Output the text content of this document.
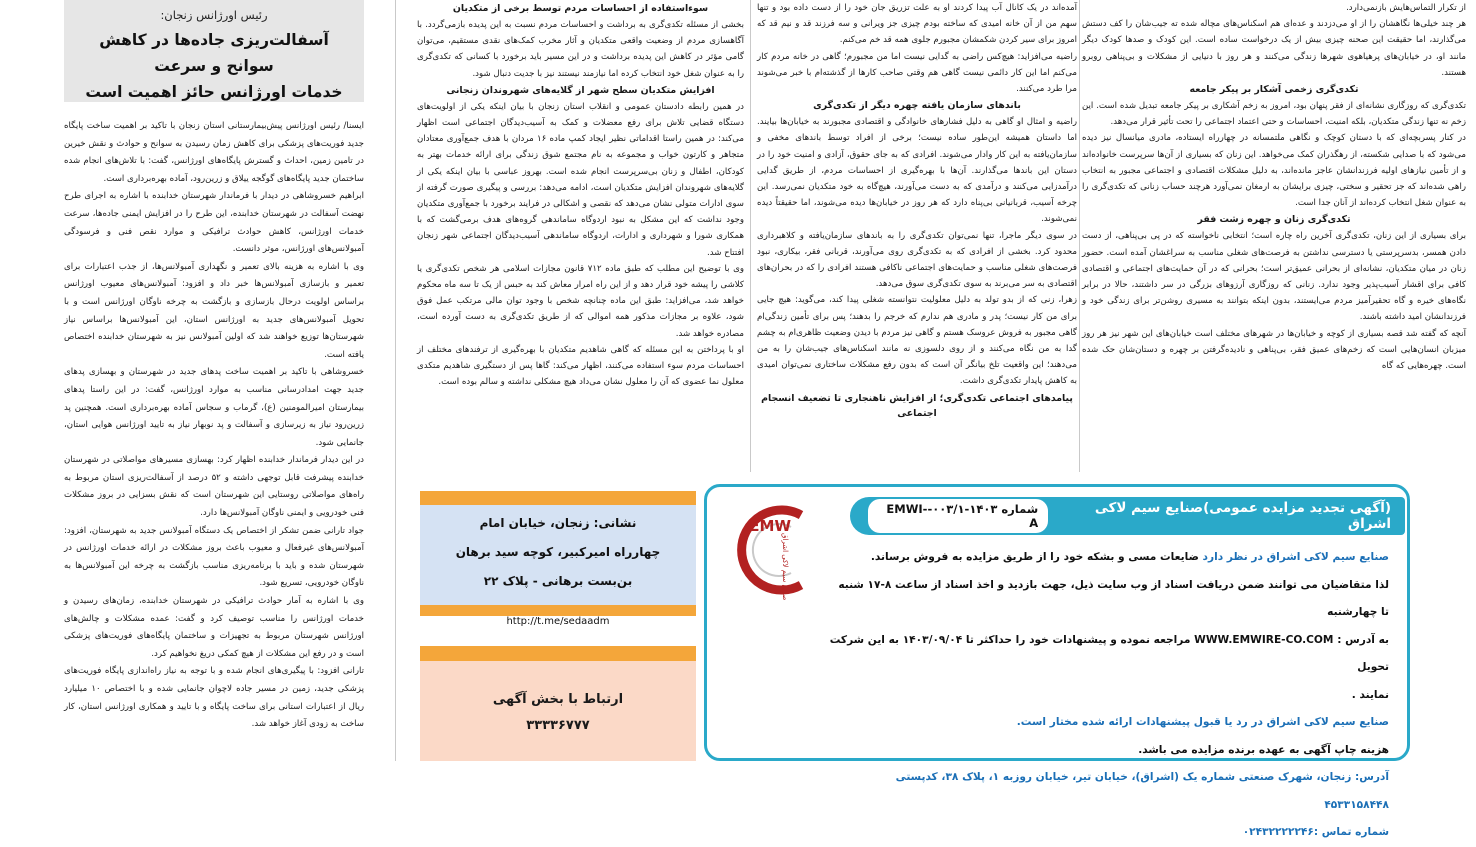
از تکرار التماس‌هایش بازنمی‌دارد.

هر چند خیلی‌ها نگاهشان را از او می‌دزدند و عده‌ای هم اسکناس‌های مچاله شده ته جیب‌شان را کف دستش می‌گذارند، اما حقیقت این صحنه چیزی بیش از یک درخواست ساده است. این کودک و صدها کودک دیگر مانند او، در خیابان‌های پرهیاهوی شهرها زندگی می‌کنند و هر روز با دنیایی از مشکلات و بی‌پناهی روبرو هستند.

تکدی‌گری زخمی آشکار بر پیکر جامعه

تکدی‌گری که روزگاری نشانه‌ای از فقر پنهان بود، امروز به زخم آشکاری بر پیکر جامعه تبدیل شده است. این زخم نه تنها زندگی متکدیان، بلکه امنیت، احساسات و حتی اعتماد اجتماعی را تحت تأثیر قرار می‌دهد.

در کنار پسربچه‌ای که با دستان کوچک و نگاهی ملتمسانه در چهارراه ایستاده، مادری میانسال نیز دیده می‌شود که با صدایی شکسته، از رهگذران کمک می‌خواهد. این زنان که بسیاری از آن‌ها سرپرست خانواده‌اند و از تأمین نیازهای اولیه فرزندانشان عاجز مانده‌اند، به دلیل مشکلات اقتصادی و اجتماعی مجبور به انتخاب راهی شده‌اند که جز تحقیر و سختی، چیزی برایشان به ارمغان نمی‌آورد هرچند حساب زنانی که تکدی‌گری را به عنوان شغل انتخاب کرده‌اند از آنان جدا است.

تکدی‌گری زنان و چهره زشت فقر

برای بسیاری از این زنان، تکدی‌گری آخرین راه چاره است؛ انتخابی ناخواسته که در پی بی‌پناهی، از دست دادن همسر، بدسرپرستی یا دسترسی نداشتن به فرصت‌های شغلی مناسب به سراغشان آمده است. حضور زنان در میان متکدیان، نشانه‌ای از بحرانی عمیق‌تر است؛ بحرانی که در آن حمایت‌های اجتماعی و اقتصادی کافی برای اقشار آسیب‌پذیر وجود ندارد. زنانی که روزگاری آرزوهای بزرگی در سر داشتند، حالا در برابر نگاه‌های خیره و گاه تحقیرآمیز مردم می‌ایستند، بدون اینکه بتوانند به مسیری روشن‌تر برای زندگی خود و فرزندانشان امید داشته باشند.

آنچه که گفته شد قصه بسیاری از کوچه و خیابان‌ها در شهرهای مختلف است خیابان‌های این شهر نیز هر روز میزبان انسان‌هایی است که زخم‌های عمیق فقر، بی‌پناهی و نادیده‌گرفتن بر چهره و دستان‌شان حک شده است. چهره‌هایی که گاه

آمده‌اند در یک کانال آب پیدا کردند او به علت تزریق جان خود را از دست داده بود و تنها سهم من از آن خانه امیدی که ساخته بودم چیزی جز ویرانی و سه فرزند قد و نیم قد که امروز برای سیر کردن شکمشان مجبورم جلوی همه قد خم می‌کنم.

راضیه می‌افزاید: هیچ‌کس راضی به گدایی نیست اما من مجبورم؛ گاهی در خانه مردم کار می‌کنم اما این کار دائمی نیست گاهی هم وقتی صاحب کارها از گذشته‌ام با خبر می‌شوند مرا طرد می‌کنند.

باندهای سازمان یافته چهره دیگر از تکدی‌گری

راضیه و امثال او گاهی به دلیل فشارهای خانوادگی و اقتصادی مجبورند به خیابان‌ها بیایند. اما داستان همیشه این‌طور ساده نیست؛ برخی از افراد توسط باندهای مخفی و سازمان‌یافته به این کار وادار می‌شوند. افرادی که به جای حقوق، آزادی و امنیت خود را در دستان این باندها می‌گذارند. آن‌ها با بهره‌گیری از احساسات مردم، از طریق گدایی درآمدزایی می‌کنند و درآمدی که به دست می‌آورند، هیچ‌گاه به خود متکدیان نمی‌رسد. این چرخه آسیب، قربانیانی بی‌پناه دارد که هر روز در خیابان‌ها دیده می‌شوند، اما حقیقتاً دیده نمی‌شوند.

در سوی دیگر ماجرا، تنها نمی‌توان تکدی‌گری را به باندهای سازمان‌یافته و کلاهبرداری محدود کرد. بخشی از افرادی که به تکدی‌گری روی می‌آورند، قربانی فقر، بیکاری، نبود فرصت‌های شغلی مناسب و حمایت‌های اجتماعی ناکافی هستند افرادی را که در بحران‌های اقتصادی به سر می‌برند به سوی تکدی‌گری سوق می‌دهد.

زهرا، زنی که از بدو تولد به دلیل معلولیت نتوانسته شغلی پیدا کند، می‌گوید: هیچ جایی برای من کار نیست؛ پدر و مادری هم ندارم که خرجم را بدهند؛ پس برای تأمین زندگی‌ام گاهی مجبور به فروش عروسک هستم و گاهی نیز مردم با دیدن وضعیت ظاهری‌ام به چشم گدا به من نگاه می‌کنند و از روی دلسوزی نه مانند اسکناس‌های جیب‌شان را به من می‌دهند؛ این واقعیت تلخ بیانگر آن است که بدون رفع مشکلات ساختاری نمی‌توان امیدی به کاهش پایدار تکدی‌گری داشت.

پیامدهای اجتماعی تکدی‌گری؛ از افزایش ناهنجاری تا تضعیف انسجام اجتماعی
سوءاستفاده از احساسات مردم توسط برخی از متکدیان

بخشی از مسئله تکدی‌گری به برداشت و احساسات مردم نسبت به این پدیده بازمی‌گردد. با آگاهسازی مردم از وضعیت واقعی متکدیان و آثار مخرب کمک‌های نقدی مستقیم، می‌توان گامی مؤثر در کاهش این پدیده برداشت و در این مسیر باید برخورد با کسانی که تکدی‌گری را به عنوان شغل خود انتخاب کرده اما نیازمند نیستند نیز با جدیت دنبال شود.

افزایش متکدیان سطح شهر از گلایه‌های شهروندان زنجانی

در همین رابطه دادستان عمومی و انقلاب استان زنجان با بیان اینکه یکی از اولویت‌های دستگاه قضایی تلاش برای رفع معضلات و کمک به آسیب‌دیدگان اجتماعی است اظهار می‌کند: در همین راستا اقداماتی نظیر ایجاد کمپ ماده ۱۶ مردان با هدف جمع‌آوری معتادان متجاهر و کارتون خواب و مجموعه به نام مجتمع شوق زندگی برای ارائه خدمات بهتر به کودکان، اطفال و زنان بی‌سرپرست انجام شده است. بهروز عباسی با بیان اینکه یکی از گلایه‌های شهروندان افزایش متکدیان است، ادامه می‌دهد: بررسی و پیگیری صورت گرفته از سوی ادارات متولی نشان می‌دهد که نقصی و اشکالی در فرایند برخورد با جمع‌آوری متکدیان وجود نداشت که این مشکل به نبود اردوگاه ساماندهی گروه‌های هدف برمی‌گشت که با همکاری شورا و شهرداری و ادارات، اردوگاه ساماندهی آسیب‌دیدگان اجتماعی شهر زنجان افتتاح شد.

وی با توضیح این مطلب که طبق ماده ۷۱۲ قانون مجازات اسلامی هر شخص تکدی‌گری یا کلاشی را پیشه خود قرار دهد و از این راه امرار معاش کند به حبس از یک تا سه ماه محکوم خواهد شد، می‌افزاید: طبق این ماده چنانچه شخص با وجود توان مالی مرتکب عمل فوق شود، علاوه بر مجازات مذکور همه اموالی که از طریق تکدی‌گری به دست آورده است، مصادره خواهد شد.

او با پرداختن به این مسئله که گاهی شاهدیم متکدیان با بهره‌گیری از ترفندهای مختلف از احساسات مردم سوء استفاده می‌کنند، اظهار می‌کند: گاها پس از دستگیری شاهدیم متکدی معلول نما عضوی که آن را معلول نشان می‌داد هیچ مشکلی نداشته و سالم بوده است.

رئیس اورژانس زنجان:
آسفالت‌ریزی جاده‌ها در کاهش سوانح و سرعت
خدمات اورژانس حائز اهمیت است

ایسنا/ رئیس اورژانس پیش‌بیمارستانی استان زنجان با تاکید بر اهمیت ساخت پایگاه جدید فوریت‌های پزشکی برای کاهش زمان رسیدن به سوانح و حوادث و نقش خیرین در تامین زمین، احداث و گسترش پایگاه‌های اورژانس، گفت: با تلاش‌های انجام شده ساختمان جدید پایگاه‌های گوگجه ییلاق و زرین‌رود، آماده بهره‌برداری است.

ابراهیم خسروشاهی در دیدار با فرماندار شهرستان خدابنده با اشاره به اجرای طرح نهضت آسفالت در شهرستان خدابنده، این طرح را در افزایش ایمنی جاده‌ها، سرعت خدمات اورژانس، کاهش حوادث ترافیکی و موارد نقص فنی و فرسودگی آمبولانس‌های اورژانس، موثر دانست.

وی با اشاره به هزینه بالای تعمیر و نگهداری آمبولانس‌ها، از جذب اعتبارات برای تعمیر و بازسازی آمبولانس‌ها خبر داد و افزود: آمبولانس‌های معیوب اورژانس براساس اولویت درحال بازسازی و بازگشت به چرخه ناوگان اورژانس است و با تحویل آمبولانس‌های جدید به اورژانس استان، این آمبولانس‌ها براساس نیاز شهرستان‌ها توزیع خواهند شد که اولین آمبولانس نیز به شهرستان خدابنده اختصاص یافته است.

خسروشاهی با تاکید بر اهمیت ساخت پدهای جدید در شهرستان و بهسازی پدهای جدید جهت امدادرسانی مناسب به موارد اورژانس، گفت: در این راستا پدهای بیمارستان امیرالمومنین (ع)، گرماب و سجاس آماده بهره‌برداری است. همچنین پد زرین‌رود نیاز به زیرسازی و آسفالت و پد نوبهار نیاز به تایید اورژانس هوایی استان، جانمایی شود.

در این دیدار فرماندار خدابنده اظهار کرد: بهسازی مسیرهای مواصلاتی در شهرستان خدابنده پیشرفت قابل توجهی داشته و ۵۲ درصد از آسفالت‌ریزی استان مربوط به راه‌های مواصلاتی روستایی این شهرستان است که نقش بسزایی در بروز مشکلات فنی خودرویی و ایمنی ناوگان آمبولانس‌ها دارد.

جواد تارانی ضمن تشکر از اختصاص یک دستگاه آمبولانس جدید به شهرستان، افزود: آمبولانس‌های غیرفعال و معیوب باعث بروز مشکلات در ارائه خدمات اورژانس در شهرستان شده و باید با برنامه‌ریزی مناسب بازگشت به چرخه این آمبولانس‌ها به ناوگان خودرویی، تسریع شود.

وی با اشاره به آمار حوادث ترافیکی در شهرستان خدابنده، زمان‌های رسیدن و خدمات اورژانس را مناسب توصیف کرد و گفت: عمده مشکلات و چالش‌های اورژانس شهرستان مربوط به تجهیزات و ساختمان پایگاه‌های فوریت‌های پزشکی است و در رفع این مشکلات از هیچ کمکی دریغ نخواهیم کرد.

تارانی افزود: با پیگیری‌های انجام شده و با توجه به نیاز راه‌اندازی پایگاه فوریت‌های پزشکی جدید، زمین در مسیر جاده لاچوان جانمایی شده و با اختصاص ۱۰ میلیارد ریال از اعتبارات استانی برای ساخت پایگاه و با تایید و همکاری اورژانس استان، کار ساخت به زودی آغاز خواهد شد.

نشانی: زنجان، خیابان امام
چهارراه امیرکبیر، کوچه سید برهان
بن‌بست برهانی - پلاک ۲۲
http://t.me/sedaadm
ارتباط با بخش آگهی
۳۳۳۳۶۷۷۷
(آگهی تجدید مزایده عمومی)صنایع سیم لاکی اشراق
شماره ۱۴۰۳-۰۰۳/۱-EMWI-A
EMW
صنایع سیم لاکی اشراق	صنایع سیم لاکی اشراق در نظر دارد ضایعات مسی و بشکه خود را از طریق مزایده به فروش برساند.
لذا متقاضیان می توانند ضمن دریافت اسناد از وب سایت ذیل، جهت بازدید و اخذ اسناد از ساعت ۸-۱۷ شنبه تا چهارشنبه
به آدرس : WWW.EMWIRE-CO.COM مراجعه نموده و پیشنهادات خود را حداکثر تا ۱۴۰۳/۰۹/۰۴ به این شرکت تحویل
نمایند .
صنایع سیم لاکی اشراق در رد یا قبول پیشنهادات ارائه شده مختار است.
هزینه چاپ آگهی به عهده برنده مزایده می باشد.
آدرس: زنجان، شهرک صنعتی شماره یک (اشراق)، خیابان تیر، خیابان روزبه ۱، پلاک ۳۸، کدپستی ۴۵۳۳۱۵۸۴۴۸
شماره تماس :۰۲۴۳۲۲۲۲۲۴۶
